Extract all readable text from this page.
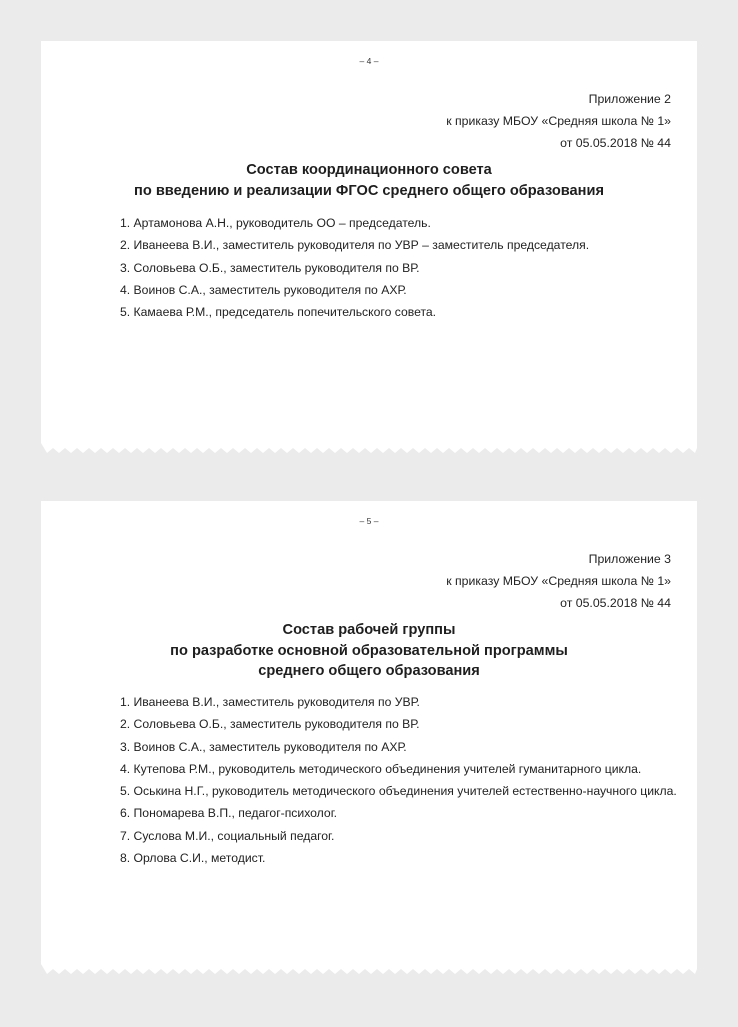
– 4 –
Приложение 2
к приказу МБОУ «Средняя школа № 1»
от 05.05.2018 № 44
Состав координационного совета
по введению и реализации ФГОС среднего общего образования
1. Артамонова А.Н., руководитель ОО – председатель.
2. Иванеева В.И., заместитель руководителя по УВР – заместитель председателя.
3. Соловьева О.Б., заместитель руководителя по ВР.
4. Воинов С.А., заместитель руководителя по АХР.
5. Камаева Р.М., председатель попечительского совета.
– 5 –
Приложение 3
к приказу МБОУ «Средняя школа № 1»
от 05.05.2018 № 44
Состав рабочей группы
по разработке основной образовательной программы
среднего общего образования
1. Иванеева В.И., заместитель руководителя по УВР.
2. Соловьева О.Б., заместитель руководителя по ВР.
3. Воинов С.А., заместитель руководителя по АХР.
4. Кутепова Р.М., руководитель методического объединения учителей гуманитарного цикла.
5. Оськина Н.Г., руководитель методического объединения учителей естественно-научного цикла.
6. Пономарева В.П., педагог-психолог.
7. Суслова М.И., социальный педагог.
8. Орлова С.И., методист.
